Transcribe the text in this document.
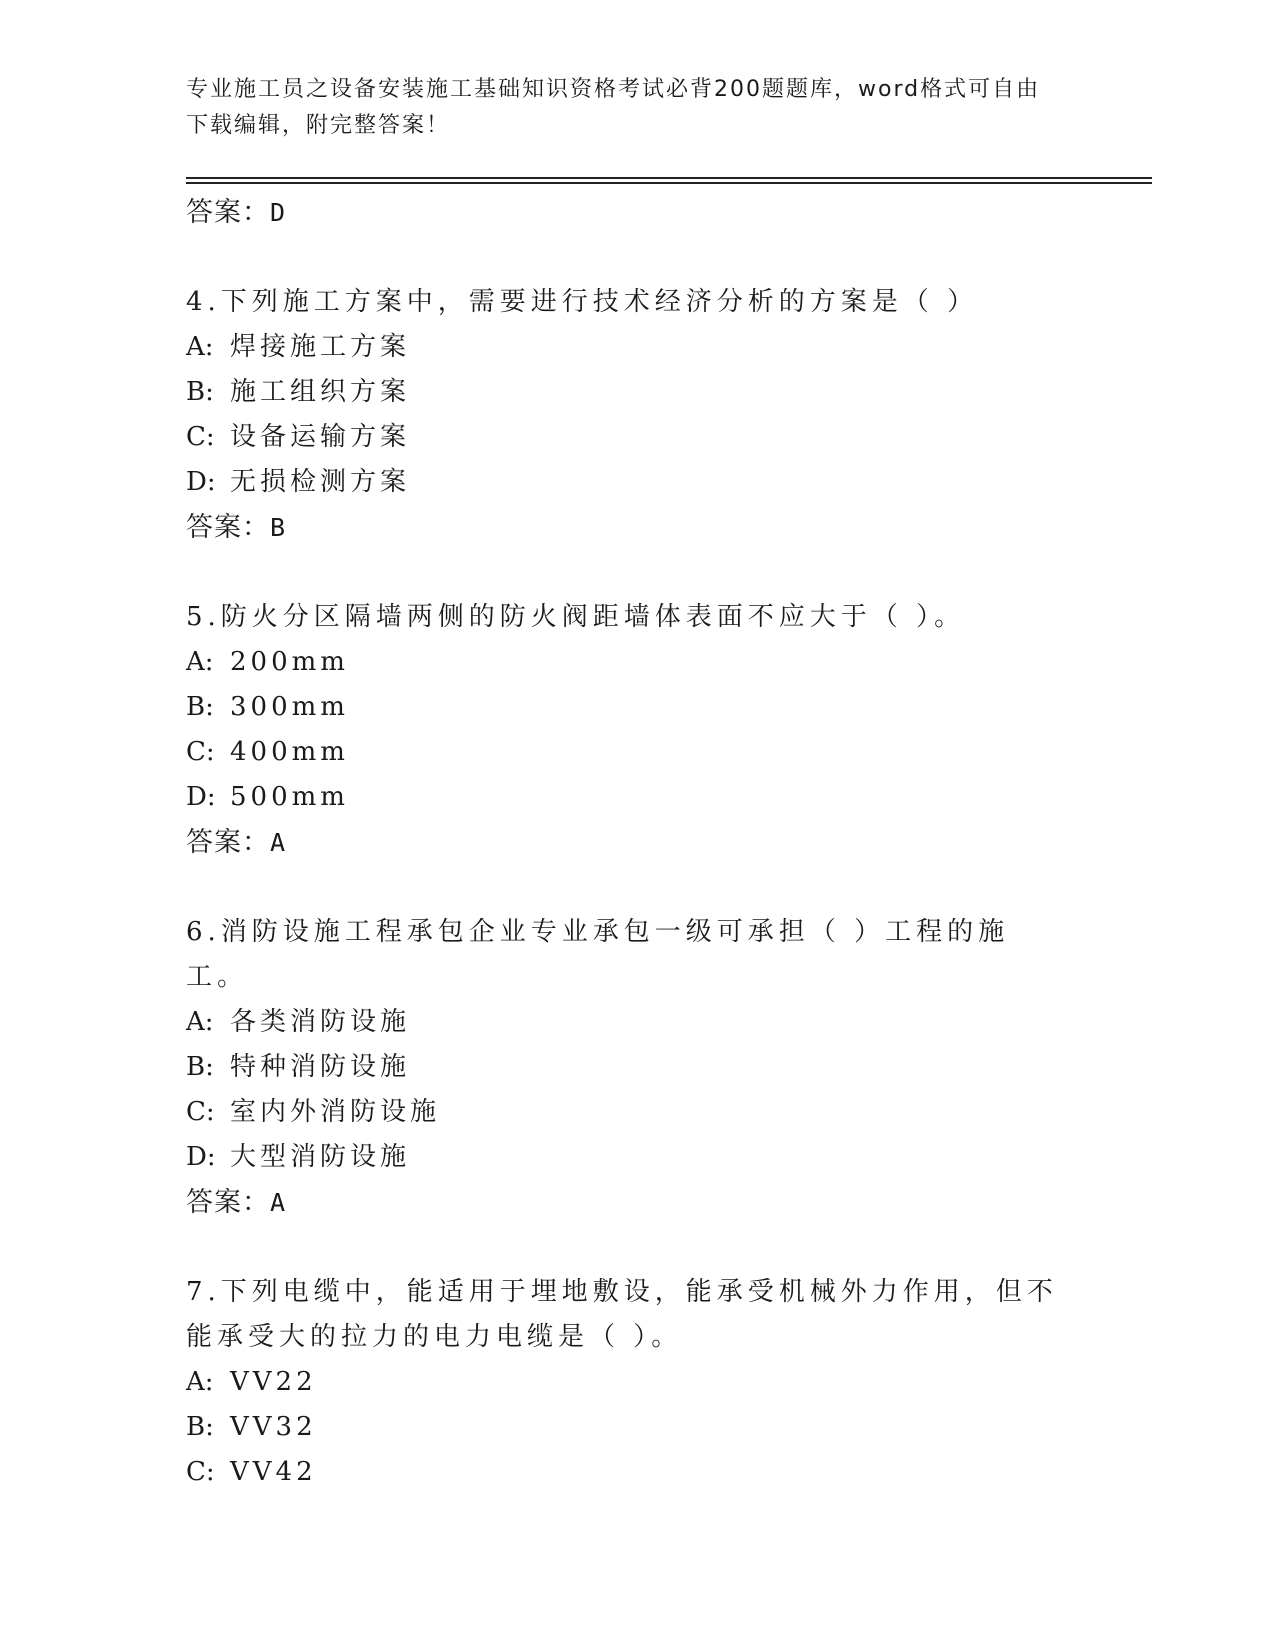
专业施工员之设备安装施工基础知识资格考试必背200题题库，word格式可自由
下载编辑，附完整答案！
答案：D
4.下列施工方案中，需要进行技术经济分析的方案是（ ）
A: 焊接施工方案
B: 施工组织方案
C: 设备运输方案
D: 无损检测方案
答案：B
5.防火分区隔墙两侧的防火阀距墙体表面不应大于（ ）。
A: 200mm
B: 300mm
C: 400mm
D: 500mm
答案：A
6.消防设施工程承包企业专业承包一级可承担（ ）工程的施工。
A: 各类消防设施
B: 特种消防设施
C: 室内外消防设施
D: 大型消防设施
答案：A
7.下列电缆中，能适用于埋地敷设，能承受机械外力作用，但不能承受大的拉力的电力电缆是（ ）。
A: VV22
B: VV32
C: VV42
